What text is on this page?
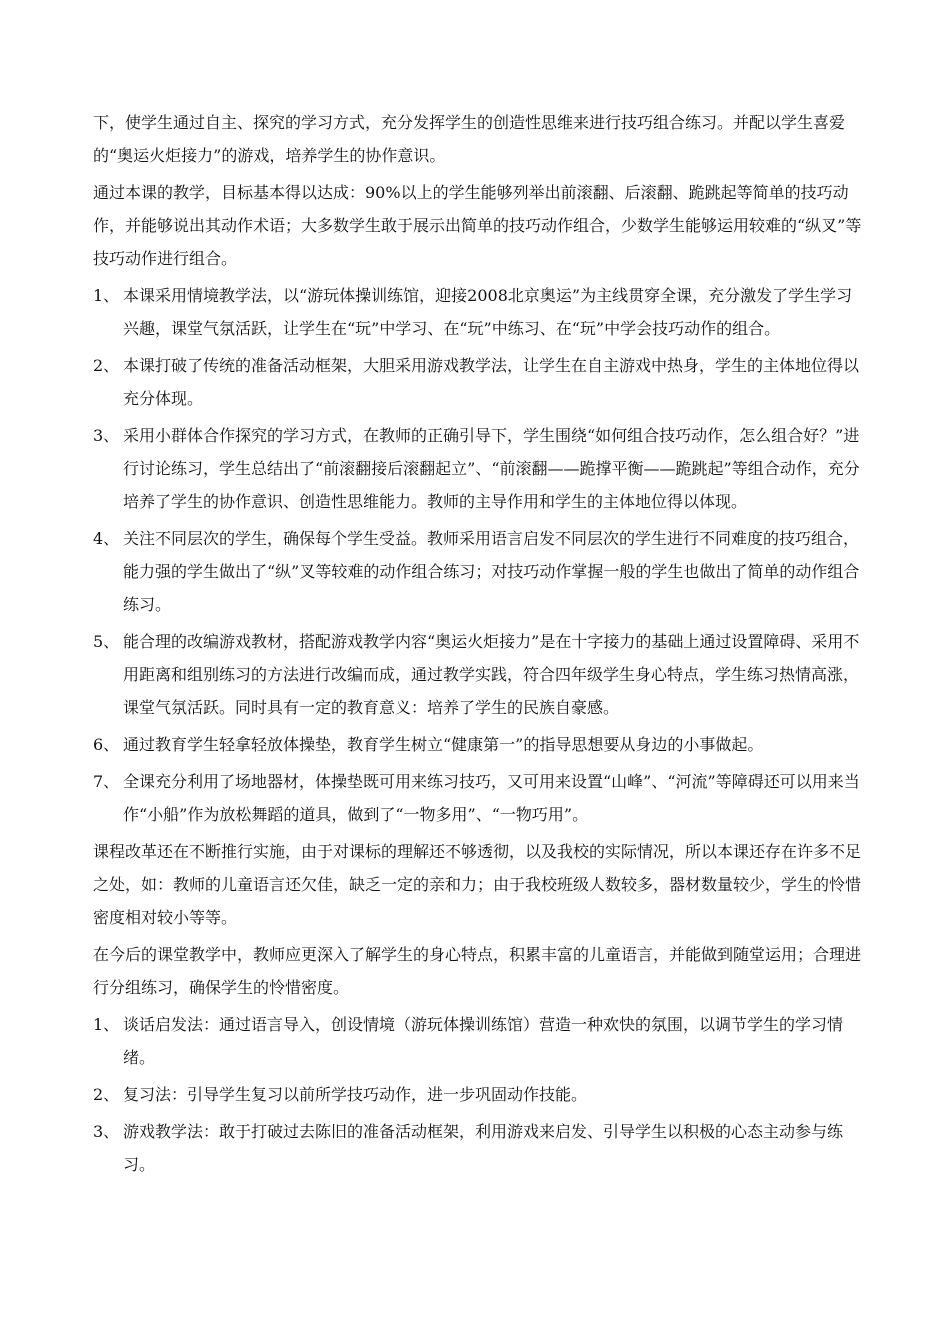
下，使学生通过自主、探究的学习方式，充分发挥学生的创造性思维来进行技巧组合练习。并配以学生喜爱的“奥运火炬接力”的游戏，培养学生的协作意识。

通过本课的教学，目标基本得以达成：90%以上的学生能够列举出前滚翻、后滚翻、跪跳起等简单的技巧动作，并能够说出其动作术语；大多数学生敢于展示出简单的技巧动作组合，少数学生能够运用较难的“纵叉”等技巧动作进行组合。

1、 本课采用情境教学法，以“游玩体操训练馆，迎接2008北京奥运”为主线贯穿全课，充分激发了学生学习兴趣，课堂气氛活跃，让学生在“玩”中学习、在“玩”中练习、在“玩”中学会技巧动作的组合。
2、 本课打破了传统的准备活动框架，大胆采用游戏教学法，让学生在自主游戏中热身，学生的主体地位得以充分体现。
3、 采用小群体合作探究的学习方式，在教师的正确引导下，学生围绕“如何组合技巧动作，怎么组合好？”进行讨论练习，学生总结出了“前滚翻接后滚翻起立”、“前滚翻——跪撑平衡——跪跳起”等组合动作，充分培养了学生的协作意识、创造性思维能力。教师的主导作用和学生的主体地位得以体现。
4、 关注不同层次的学生，确保每个学生受益。教师采用语言启发不同层次的学生进行不同难度的技巧组合，能力强的学生做出了“纵”叉等较难的动作组合练习；对技巧动作掌握一般的学生也做出了简单的动作组合练习。
5、 能合理的改编游戏教材，搭配游戏教学内容“奥运火炬接力”是在十字接力的基础上通过设置障碍、采用不用距离和组别练习的方法进行改编而成，通过教学实践，符合四年级学生身心特点，学生练习热情高涨，课堂气氛活跃。同时具有一定的教育意义：培养了学生的民族自豪感。
6、 通过教育学生轻拿轻放体操垫，教育学生树立“健康第一”的指导思想要从身边的小事做起。
7、 全课充分利用了场地器材，体操垫既可用来练习技巧，又可用来设置“山峰”、“河流”等障碍还可以用来当作“小船”作为放松舞蹈的道具，做到了“一物多用”、“一物巧用”。

课程改革还在不断推行实施，由于对课标的理解还不够透彻，以及我校的实际情况，所以本课还存在许多不足之处，如：教师的儿童语言还欠佳，缺乏一定的亲和力；由于我校班级人数较多，器材数量较少，学生的怜惜密度相对较小等等。

在今后的课堂教学中，教师应更深入了解学生的身心特点，积累丰富的儿童语言，并能做到随堂运用；合理进行分组练习，确保学生的怜惜密度。

1、 谈话启发法：通过语言导入，创设情境（游玩体操训练馆）营造一种欢快的氛围，以调节学生的学习情绪。
2、 复习法：引导学生复习以前所学技巧动作，进一步巩固动作技能。
3、 游戏教学法：敢于打破过去陈旧的准备活动框架，利用游戏来启发、引导学生以积极的心态主动参与练习。
